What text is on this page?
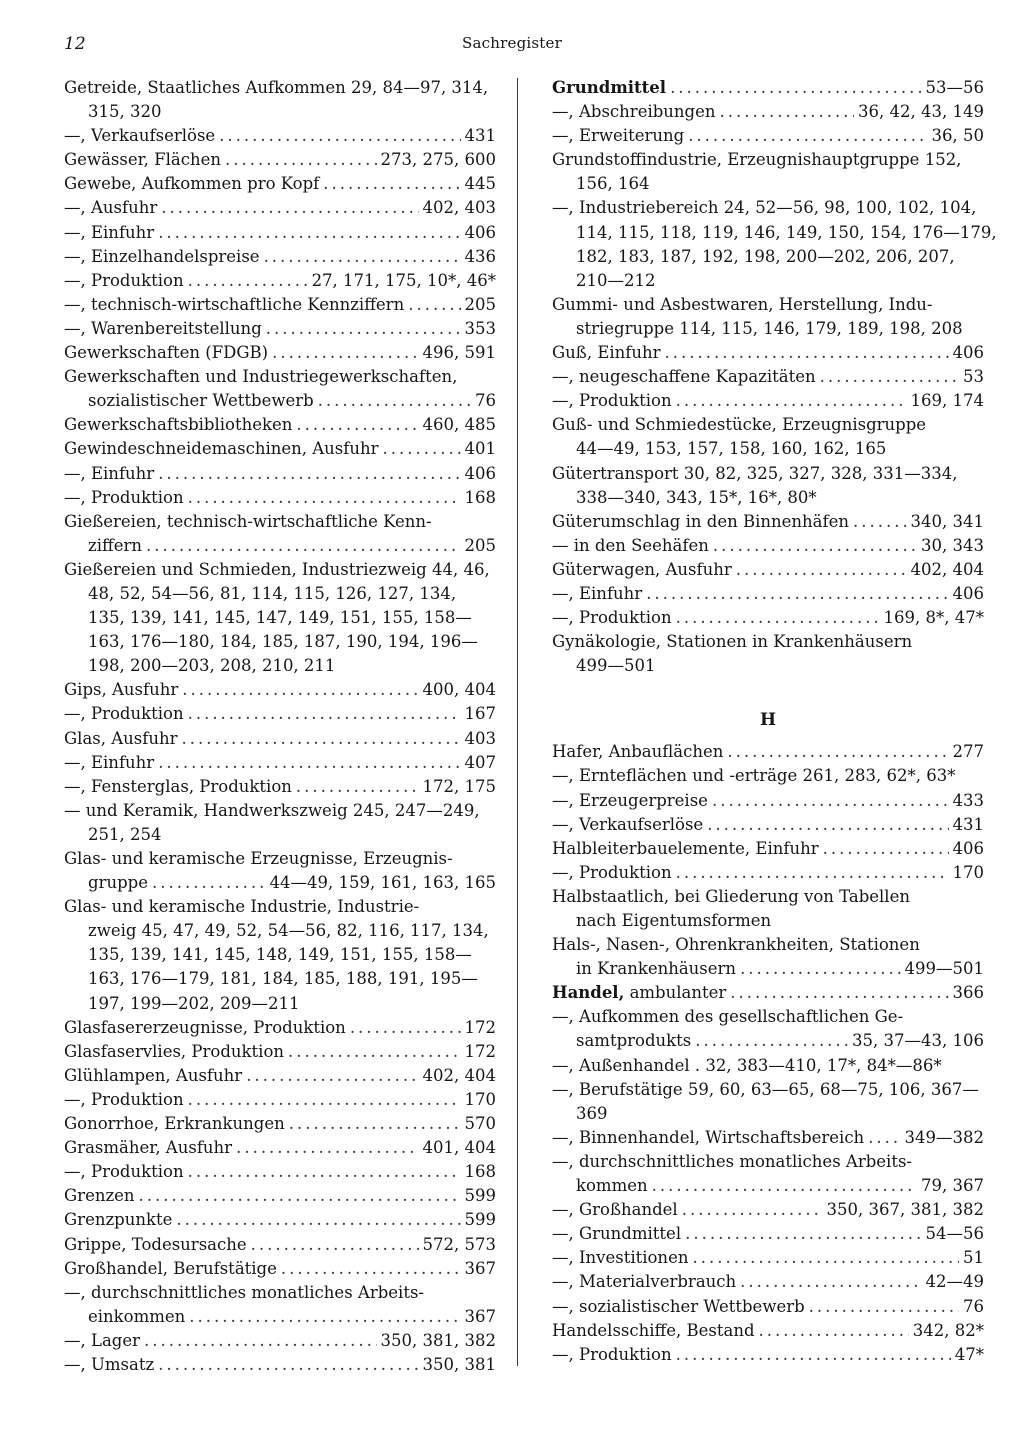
12	Sachregister
Getreide, Staatliches Aufkommen 29, 84—97, 314,
315, 320
—, Verkaufserlöse .....	431
Gewässer, Flächen .....	273, 275, 600
Gewebe, Aufkommen pro Kopf .....	445
—, Ausfuhr .....	402, 403
—, Einfuhr .....	406
—, Einzelhandelspreise .....	436
—, Produktion .....	27, 171, 175, 10*, 46*
—, technisch-wirtschaftliche Kennziffern .....	205
—, Warenbereitstellung .....	353
Gewerkschaften (FDGB) .....	496, 591
Gewerkschaften und Industriegewerkschaften,
sozialistischer Wettbewerb .....	76
Gewerkschaftsbibliotheken .....	460, 485
Gewindeschneidemaschinen, Ausfuhr .....	401
—, Einfuhr .....	406
—, Produktion .....	168
Gießereien, technisch-wirtschaftliche Kenn-
ziffern .....	205
Gießereien und Schmieden, Industriezweig 44, 46,
48, 52, 54—56, 81, 114, 115, 126, 127, 134,
135, 139, 141, 145, 147, 149, 151, 155, 158—
163, 176—180, 184, 185, 187, 190, 194, 196—
198, 200—203, 208, 210, 211
Gips, Ausfuhr .....	400, 404
—, Produktion .....	167
Glas, Ausfuhr .....	403
—, Einfuhr .....	407
—, Fensterglas, Produktion .....	172, 175
— und Keramik, Handwerkszweig 245, 247—249,
251, 254
Glas- und keramische Erzeugnisse, Erzeugnis-
gruppe .....	44—49, 159, 161, 163, 165
Glas- und keramische Industrie, Industrie-
zweig 45, 47, 49, 52, 54—56, 82, 116, 117, 134,
135, 139, 141, 145, 148, 149, 151, 155, 158—
163, 176—179, 181, 184, 185, 188, 191, 195—
197, 199—202, 209—211
Glasfasererzeugnisse, Produktion .....	172
Glasfaservlies, Produktion .....	172
Glühlampen, Ausfuhr .....	402, 404
—, Produktion .....	170
Gonorrhoe, Erkrankungen .....	570
Grasmäher, Ausfuhr .....	401, 404
—, Produktion .....	168
Grenzen .....	599
Grenzpunkte .....	599
Grippe, Todesursache .....	572, 573
Großhandel, Berufstätige .....	367
—, durchschnittliches monatliches Arbeits-
einkommen .....	367
—, Lager .....	350, 381, 382
—, Umsatz .....	350, 381
Grundmittel .....	53—56
—, Abschreibungen .....	36, 42, 43, 149
—, Erweiterung .....	36, 50
Grundstoffindustrie, Erzeugnishauptgruppe 152,
156, 164
—, Industriebereich 24, 52—56, 98, 100, 102, 104,
114, 115, 118, 119, 146, 149, 150, 154, 176—179,
182, 183, 187, 192, 198, 200—202, 206, 207,
210—212
Gummi- und Asbestwaren, Herstellung, Indu-
striegruppe 114, 115, 146, 179, 189, 198, 208
Guß, Einfuhr .....	406
—, neugeschaffene Kapazitäten .....	53
—, Produktion .....	169, 174
Guß- und Schmiedestücke, Erzeugnisgruppe
44—49, 153, 157, 158, 160, 162, 165
Gütertransport 30, 82, 325, 327, 328, 331—334,
338—340, 343, 15*, 16*, 80*
Güterumschlag in den Binnenhäfen .....	340, 341
— in den Seehäfen .....	30, 343
Güterwagen, Ausfuhr .....	402, 404
—, Einfuhr .....	406
—, Produktion .....	169, 8*, 47*
Gynäkologie, Stationen in Krankenhäusern
499—501
H
Hafer, Anbauflächen .....	277
—, Ernteflächen und -erträge 261, 283, 62*, 63*
—, Erzeugerpreise .....	433
—, Verkaufserlöse .....	431
Halbleiterbauelemente, Einfuhr .....	406
—, Produktion .....	170
Halbstaatlich, bei Gliederung von Tabellen
nach Eigentumsformen
Hals-, Nasen-, Ohrenkrankheiten, Stationen
in Krankenhäusern .....	499—501
Handel, ambulanter .....	366
—, Aufkommen des gesellschaftlichen Ge-
samtprodukts .....	35, 37—43, 106
—, Außenhandel . 32, 383—410, 17*, 84*—86*
—, Berufstätige 59, 60, 63—65, 68—75, 106, 367—
369
—, Binnenhandel, Wirtschaftsbereich ..... 349—382
—, durchschnittliches monatliches Arbeits-
kommen .....	79, 367
—, Großhandel .....	350, 367, 381, 382
—, Grundmittel .....	54—56
—, Investitionen .....	51
—, Materialverbrauch .....	42—49
—, sozialistischer Wettbewerb .....	76
Handelsschiffe, Bestand .....	342, 82*
—, Produktion .....	47*
